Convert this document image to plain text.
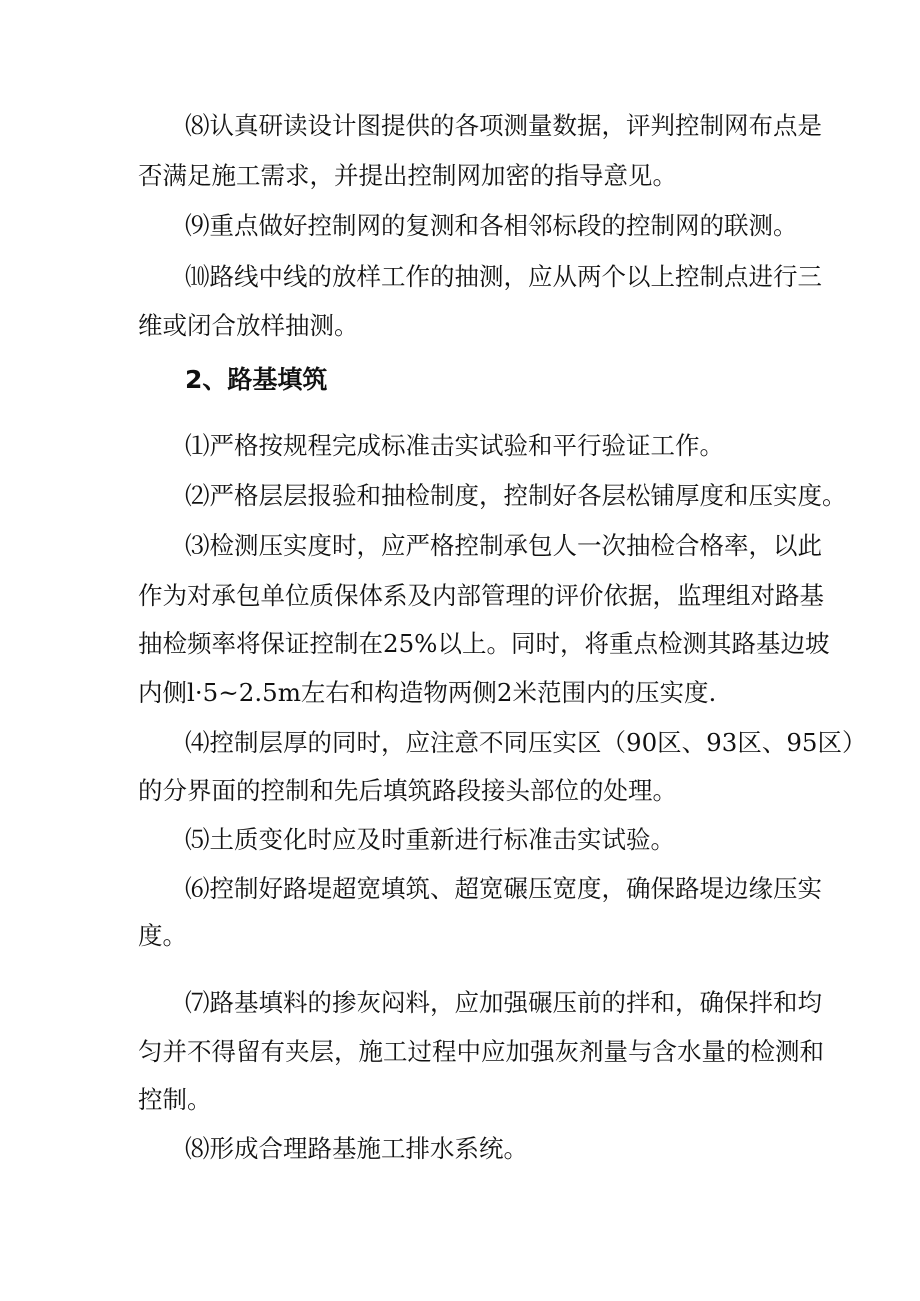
⑻认真研读设计图提供的各项测量数据，评判控制网布点是
否满足施工需求，并提出控制网加密的指导意见。
⑼重点做好控制网的复测和各相邻标段的控制网的联测。
⑽路线中线的放样工作的抽测，应从两个以上控制点进行三
维或闭合放样抽测。
2、路基填筑
⑴严格按规程完成标准击实试验和平行验证工作。
⑵严格层层报验和抽检制度，控制好各层松铺厚度和压实度。
⑶检测压实度时，应严格控制承包人一次抽检合格率，以此
作为对承包单位质保体系及内部管理的评价依据，监理组对路基
抽检频率将保证控制在25%以上。同时，将重点检测其路基边坡
内侧l·5~2.5m左右和构造物两侧2米范围内的压实度.
⑷控制层厚的同时，应注意不同压实区（90区、93区、95区）
的分界面的控制和先后填筑路段接头部位的处理。
⑸土质变化时应及时重新进行标准击实试验。
⑹控制好路堤超宽填筑、超宽碾压宽度，确保路堤边缘压实
度。
⑺路基填料的掺灰闷料，应加强碾压前的拌和，确保拌和均
匀并不得留有夹层，施工过程中应加强灰剂量与含水量的检测和
控制。
⑻形成合理路基施工排水系统。
